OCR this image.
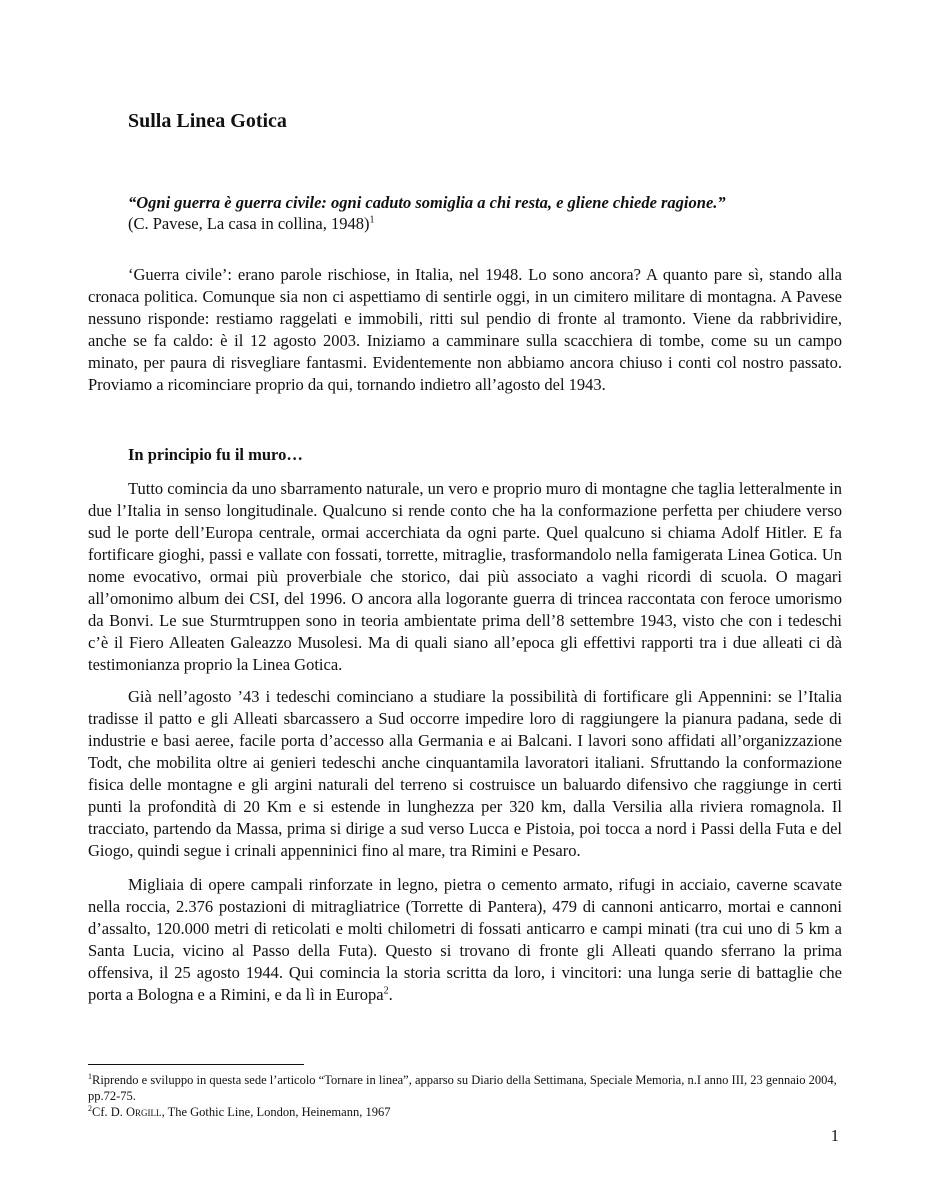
Sulla Linea Gotica
“Ogni guerra è guerra civile: ogni caduto somiglia a chi resta, e gliene chiede ragione.”
(C. Pavese, La casa in collina, 1948)$^1$

‘Guerra civile’: erano parole rischiose, in Italia, nel 1948. Lo sono ancora? A quanto pare sì, stando alla cronaca politica. Comunque sia non ci aspettiamo di sentirle oggi, in un cimitero militare di montagna. A Pavese nessuno risponde: restiamo raggelati e immobili, ritti sul pendio di fronte al tramonto. Viene da rabbrividire, anche se fa caldo: è il 12 agosto 2003. Iniziamo a camminare sulla scacchiera di tombe, come su un campo minato, per paura di risvegliare fantasmi. Evidentemente non abbiamo ancora chiuso i conti col nostro passato. Proviamo a ricominciare proprio da qui, tornando indietro all’agosto del 1943.

In principio fu il muro…

Tutto comincia da uno sbarramento naturale, un vero e proprio muro di montagne che taglia letteralmente in due l’Italia in senso longitudinale. Qualcuno si rende conto che ha la conformazione perfetta per chiudere verso sud le porte dell’Europa centrale, ormai accerchiata da ogni parte. Quel qualcuno si chiama Adolf Hitler. E fa fortificare gioghi, passi e vallate con fossati, torrette, mitraglie, trasformandolo nella famigerata Linea Gotica. Un nome evocativo, ormai più proverbiale che storico, dai più associato a vaghi ricordi di scuola. O magari all’omonimo album dei CSI, del 1996. O ancora alla logorante guerra di trincea raccontata con feroce umorismo da Bonvi. Le sue Sturmtruppen sono in teoria ambientate prima dell’8 settembre 1943, visto che con i tedeschi c’è il Fiero Alleaten Galeazzo Musolesi. Ma di quali siano all’epoca gli effettivi rapporti tra i due alleati ci dà testimonianza proprio la Linea Gotica.

Già nell’agosto ’43 i tedeschi cominciano a studiare la possibilità di fortificare gli Appennini: se l’Italia tradisse il patto e gli Alleati sbarcassero a Sud occorre impedire loro di raggiungere la pianura padana, sede di industrie e basi aeree, facile porta d’accesso alla Germania e ai Balcani. I lavori sono affidati all’organizzazione Todt, che mobilita oltre ai genieri tedeschi anche cinquantamila lavoratori italiani. Sfruttando la conformazione fisica delle montagne e gli argini naturali del terreno si costruisce un baluardo difensivo che raggiunge in certi punti la profondità di 20 Km e si estende in lunghezza per 320 km, dalla Versilia alla riviera romagnola. Il tracciato, partendo da Massa, prima si dirige a sud verso Lucca e Pistoia, poi tocca a nord i Passi della Futa e del Giogo, quindi segue i crinali appenninici fino al mare, tra Rimini e Pesaro.

Migliaia di opere campali rinforzate in legno, pietra o cemento armato, rifugi in acciaio, caverne scavate nella roccia, 2.376 postazioni di mitragliatrice (Torrette di Pantera), 479 di cannoni anticarro, mortai e cannoni d’assalto, 120.000 metri di reticolati e molti chilometri di fossati anticarro e campi minati (tra cui uno di 5 km a Santa Lucia, vicino al Passo della Futa). Questo si trovano di fronte gli Alleati quando sferrano la prima offensiva, il 25 agosto 1944. Qui comincia la storia scritta da loro, i vincitori: una lunga serie di battaglie che porta a Bologna e a Rimini, e da lì in Europa$^2$.

$^1$Riprendo e sviluppo in questa sede l’articolo “Tornare in linea”, apparso su Diario della Settimana, Speciale Memoria, n.I anno III, 23 gennaio 2004, pp.72-75.

$^2$Cf. D. Orgill, The Gothic Line, London, Heinemann, 1967

1
